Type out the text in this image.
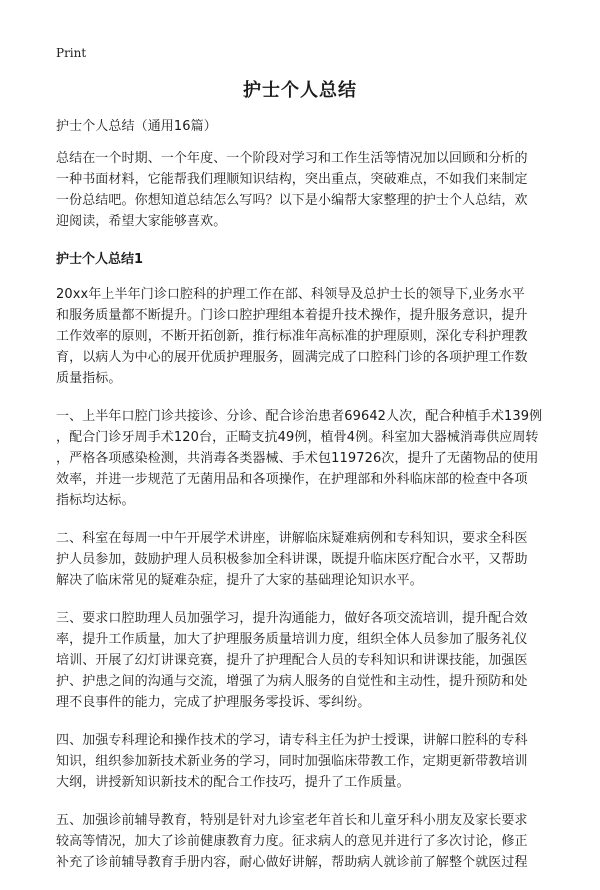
Print
护士个人总结
护士个人总结（通用16篇）
总结在一个时期、一个年度、一个阶段对学习和工作生活等情况加以回顾和分析的
一种书面材料，它能帮我们理顺知识结构，突出重点，突破难点，不如我们来制定
一份总结吧。你想知道总结怎么写吗？以下是小编帮大家整理的护士个人总结，欢
迎阅读，希望大家能够喜欢。
护士个人总结1
20xx年上半年门诊口腔科的护理工作在部、科领导及总护士长的领导下,业务水平
和服务质量都不断提升。门诊口腔护理组本着提升技术操作，提升服务意识，提升
工作效率的原则，不断开拓创新，推行标准年高标准的护理原则，深化专科护理教
育，以病人为中心的展开优质护理服务，圆满完成了口腔科门诊的各项护理工作数
质量指标。
一、上半年口腔门诊共接诊、分诊、配合诊治患者69642人次，配合种植手术139例
，配合门诊牙周手术120台，正畸支抗49例，植骨4例。科室加大器械消毒供应周转
，严格各项感染检测，共消毒各类器械、手术包119726次，提升了无菌物品的使用
效率，并进一步规范了无菌用品和各项操作，在护理部和外科临床部的检查中各项
指标均达标。
二、科室在每周一中午开展学术讲座，讲解临床疑难病例和专科知识，要求全科医
护人员参加，鼓励护理人员积极参加全科讲课，既提升临床医疗配合水平，又帮助
解决了临床常见的疑难杂症，提升了大家的基础理论知识水平。
三、要求口腔助理人员加强学习，提升沟通能力，做好各项交流培训，提升配合效
率，提升工作质量，加大了护理服务质量培训力度，组织全体人员参加了服务礼仪
培训、开展了幻灯讲课竞赛，提升了护理配合人员的专科知识和讲课技能，加强医
护、护患之间的沟通与交流，增强了为病人服务的自觉性和主动性，提升预防和处
理不良事件的能力，完成了护理服务零投诉、零纠纷。
四、加强专科理论和操作技术的学习，请专科主任为护士授课，讲解口腔科的专科
知识，组织参加新技术新业务的学习，同时加强临床带教工作，定期更新带教培训
大纲，讲授新知识新技术的配合工作技巧，提升了工作质量。
五、加强诊前辅导教育，特别是针对九诊室老年首长和儿童牙科小朋友及家长要求
较高等情况，加大了诊前健康教育力度。征求病人的意见并进行了多次讨论，修正
补充了诊前辅导教育手册内容，耐心做好讲解，帮助病人就诊前了解整个就医过程
